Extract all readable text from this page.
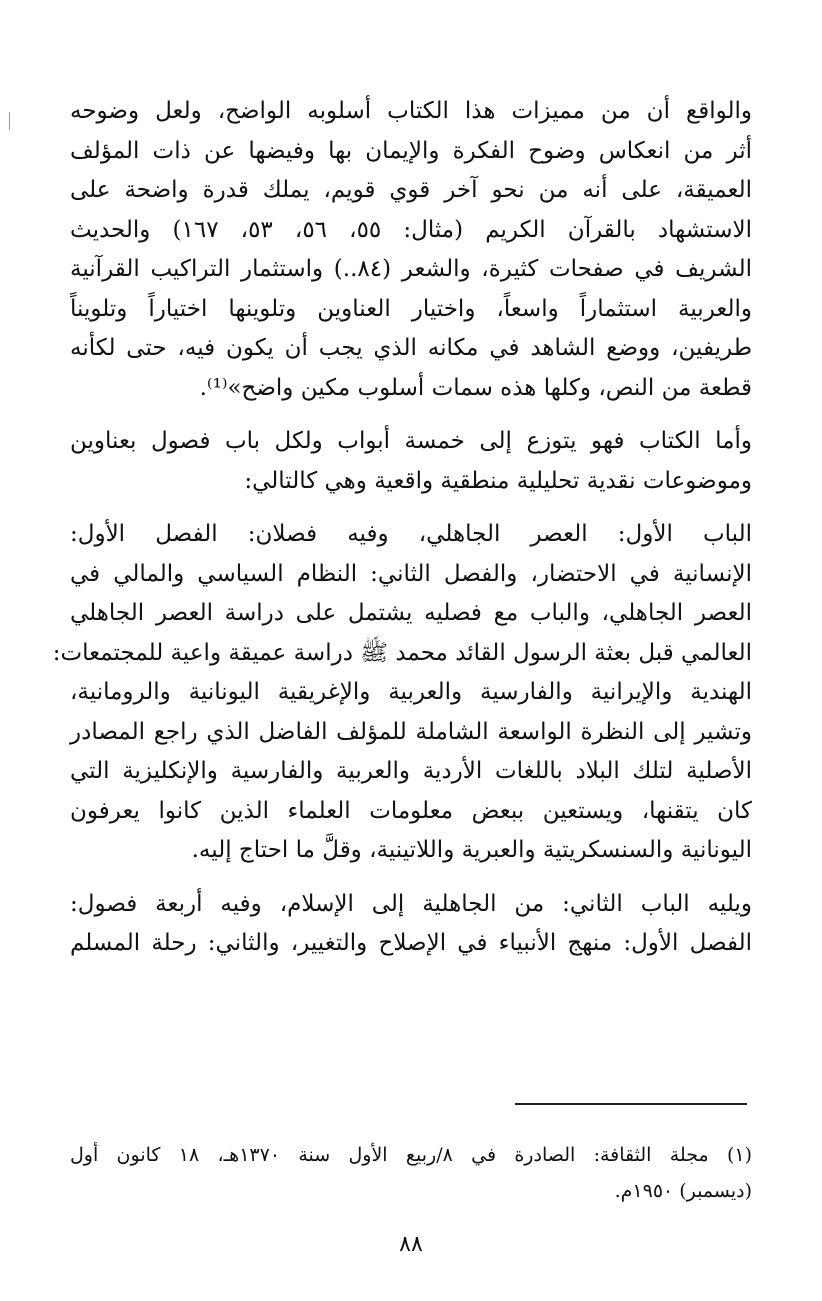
والواقع أن من مميزات هذا الكتاب أسلوبه الواضح، ولعل وضوحه
أثر من انعكاس وضوح الفكرة والإيمان بها وفيضها عن ذات المؤلف
العميقة، على أنه من نحو آخر قوي قويم، يملك قدرة واضحة على
الاستشهاد بالقرآن الكريم (مثال: ٥٥، ٥٦، ٥٣، ١٦٧) والحديث
الشريف في صفحات كثيرة، والشعر (٨٤..) واستثمار التراكيب القرآنية
والعربية استثماراً واسعاً، واختيار العناوين وتلوينها اختياراً وتلويناً
طريفين، ووضع الشاهد في مكانه الذي يجب أن يكون فيه، حتى لكأنه
قطعة من النص، وكلها هذه سمات أسلوب مكين واضح»⁽¹⁾.

وأما الكتاب فهو يتوزع إلى خمسة أبواب ولكل باب فصول بعناوين
وموضوعات نقدية تحليلية منطقية واقعية وهي كالتالي:

الباب الأول: العصر الجاهلي، وفيه فصلان: الفصل الأول:
الإنسانية في الاحتضار، والفصل الثاني: النظام السياسي والمالي في
العصر الجاهلي، والباب مع فصليه يشتمل على دراسة العصر الجاهلي
العالمي قبل بعثة الرسول القائد محمد ﷺ دراسة عميقة واعية للمجتمعات:
الهندية والإيرانية والفارسية والعربية والإغريقية اليونانية والرومانية،
وتشير إلى النظرة الواسعة الشاملة للمؤلف الفاضل الذي راجع المصادر
الأصلية لتلك البلاد باللغات الأردية والعربية والفارسية والإنكليزية التي
كان يتقنها، ويستعين ببعض معلومات العلماء الذين كانوا يعرفون
اليونانية والسنسكريتية والعبرية واللاتينية، وقلَّ ما احتاج إليه.

ويليه الباب الثاني: من الجاهلية إلى الإسلام، وفيه أربعة فصول:
الفصل الأول: منهج الأنبياء في الإصلاح والتغيير، والثاني: رحلة المسلم

(١) مجلة الثقافة: الصادرة في ٨/ربيع الأول سنة ١٣٧٠هـ، ١٨ كانون أول
(ديسمبر) ١٩٥٠م.
٨٨
